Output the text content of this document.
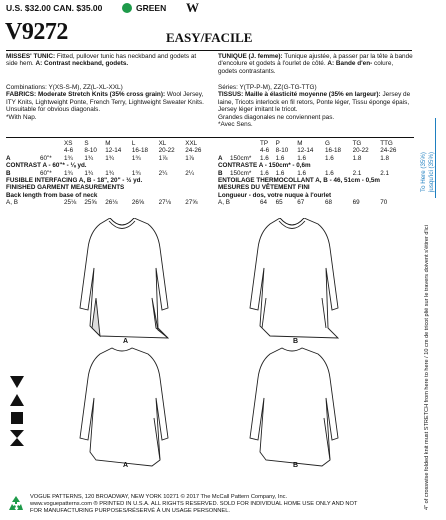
U.S. $32.00 CAN. $35.00	GREEN W
V9272	EASY/FACILE
MISSES' TUNIC: Fitted, pullover tunic has neckband and godets at side hem. A: Contrast neckband, godets.
TUNIQUE (J. femme): Tunique ajustée, à passer par la tête à bande d'encolure et godets à l'ourlet de côté. A: Bande d'en- colure, godets contrastants.
Combinations: Y(XS-S-M), ZZ(L-XL-XXL)
FABRICS: Moderate Stretch Knits (35% cross grain): Wool Jersey, ITY Knits, Lightweight Ponte, French Terry, Lightweight Sweater Knits.
Unsuitable for obvious diagonals.
*With Nap.
Séries: Y(TP-P-M), ZZ(G-TG-TTG)
TISSUS: Maille à élasticité moyenne (35% en largeur): Jersey de laine, Tricots interlock en fil retors, Ponte léger, Tissu éponge épais, Jersey léger imitant le tricot.
Grandes diagonales ne conviennent pas.
*Avec Sens.
		XS	S	M	L	XL	XXL
		4-6	8-10	12-14	16-18	20-22	24-26
A	60"*	1¾	1¾	1¾	1¾	1⅞	1⅞
CONTRAST A - 60"* - ⅛ yd.							
B	60"*	1¾	1¾	1¾	1¾	2¼	2¼
FUSIBLE INTERFACING A, B - 18", 20" - ½ yd.							
FINISHED GARMENT MEASUREMENTS							
Back length from base of neck							
A, B		25⅛	25⅝	26⅛	26⅝	27⅛	27⅝
		TP	P	M	G	TG	TTG
		4-6	8-10	12-14	16-18	20-22	24-26
A	150cm*	1.6	1.6	1.6	1.6	1.8	1.8
CONTRASTE A - 150cm* - 0,6m							
B	150cm*	1.6	1.6	1.6	1.6	2.1	2.1
ENTOILAGE THERMOCOLLANT A, B - 46, 51cm - 0,5m							
MESURES DU VÊTEMENT FINI							
Longueur - dos, votre nuque à l'ourlet							
A, B		64	65	67	68	69	70
To Here (35%) jusqu'ici (35%)
4" of crosswise folded knit must STRETCH from here to here / 10 cm de tricot plié sur le travers doivent s'étirer d'ici
A	B
A	B
VOGUE PATTERNS, 120 BROADWAY, NEW YORK 10271 © 2017 The McCall Pattern Company, Inc.
www.voguepatterns.com ® PRINTED IN U.S.A. ALL RIGHTS RESERVED. SOLD FOR INDIVIDUAL HOME USE ONLY AND NOT
FOR MANUFACTURING PURPOSES/RÉSERVÉ À UN USAGE PERSONNEL.
